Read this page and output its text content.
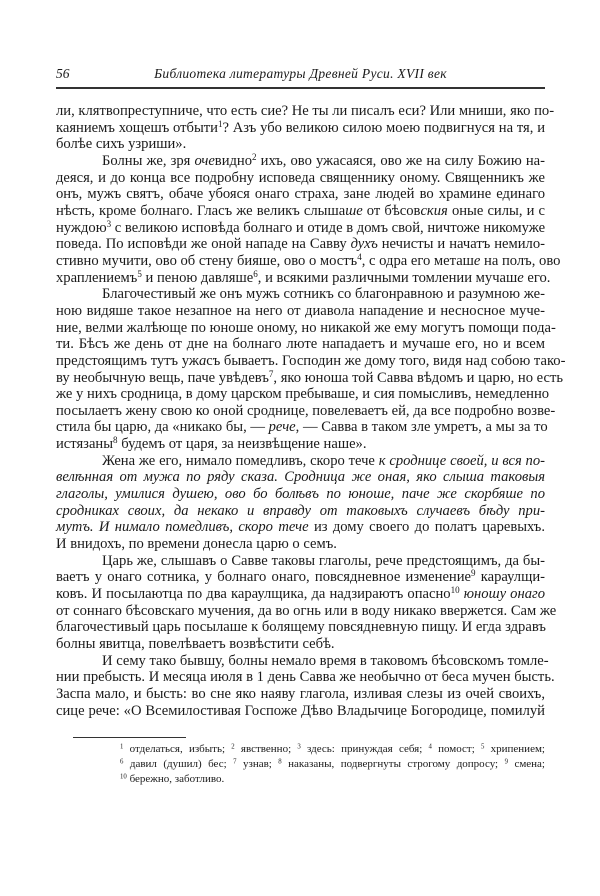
56	Библиотека литературы Древней Руси. XVII век
ли, клятвопреступниче, что есть сие? Не ты ли писалъ еси? Или мниши, яко по-
каяниемъ хощешъ отбыти$^1$? Азъ убо великою силою моею подвигнуся на тя, и
болѣе сихъ узриши».
Болны же, зря очевидно$^2$ ихъ, ово ужасаяся, ово же на силу Божию на-
деяся, и до конца все подробну исповеда священнику оному. Священникъ же
онъ, мужъ святъ, обаче убояся онаго страха, зане людей во храмине единаго
нѣсть, кроме болнаго. Гласъ же великъ слышаше от бѣсовския оные силы, и с
нуждою$^3$ с великою исповѣда болнаго и отиде в домъ свой, ничтоже никомуже
поведа. По исповѣди же оной нападе на Савву духъ нечисты и начатъ немило-
стивно мучити, ово об стену бияше, ово о мостъ$^4$, с одра его меташе на полъ, ово
храплениемъ$^5$ и пеною давляше$^6$, и всякими различными томлении мучаше его.
Благочестивый же онъ мужъ сотникъ со благонравною и разумною же-
ною видяше такое незапное на него от диавола нападение и несносное муче-
ние, велми жалѣюще по юноше оному, но никакой же ему могутъ помощи пода-
ти. Бѣсъ же день от дне на болнаго люте нападаетъ и мучаше его, но и всем
предстоящимъ тутъ ужасъ бываетъ. Господин же дому того, видя над собою тако-
ву необычную вещь, паче увѣдевъ$^7$, яко юноша той Савва вѣдомъ и царю, но есть
же у нихъ сродница, в дому царском пребываше, и сия помысливъ, немедленно
посылаетъ жену свою ко оной сроднице, повелеваетъ ей, да все подробно возве-
стила бы царю, да «никако бы, — рече, — Савва в таком зле умретъ, а мы за то
истязаны$^8$ будемъ от царя, за неизвѣщение наше».
Жена же его, нимало помедливъ, скоро тече к сроднице своей, и вся по-
велѣнная от мужа по ряду сказа. Сродница же оная, яко слыша таковыя
глаголы, умилися душею, ово бо болѣвъ по юноше, паче же скорбяше по
сродниках своих, да некако и вправду от таковыхъ случаевъ бѣду при-
мутъ. И нимало помедливъ, скоро тече из дому своего до полатъ царевыхъ.
И внидохъ, по времени донесла царю о семъ.
Царь же, слышавъ о Савве таковы глаголы, рече предстоящимъ, да бы-
ваетъ у онаго сотника, у болнаго онаго, повсядневное изменение$^9$ караулщи-
ковъ. И посылаютца по два караулщика, да надзираютъ опасно$^{10}$ юношу онаго
от соннаго бѣсовскаго мучения, да во огнь или в воду никако ввержется. Сам же
благочестивый царь посылаше к болящему повсядневную пищу. И егда здравъ
болны явитца, повелѣваетъ возвѣстити себѣ.
И сему тако бывшу, болны немало время в таковомъ бѣсовскомъ томле-
нии пребысть. И месяца июля в 1 день Савва же необычно от беса мучен бысть.
Заспа мало, и бысть: во сне яко наяву глагола, изливая слезы из очей своихъ,
сице рече: «О Всемилостивая Госпоже Дѣво Владычице Богородице, помилуй
$^1$ отделаться, избыть; $^2$ явственно; $^3$ здесь: принуждая себя; $^4$ помост; $^5$ хрипением;
$^6$ давил (душил) бес; $^7$ узнав; $^8$ наказаны, подвергнуты строгому допросу; $^9$ смена;
$^{10}$ бережно, заботливо.
